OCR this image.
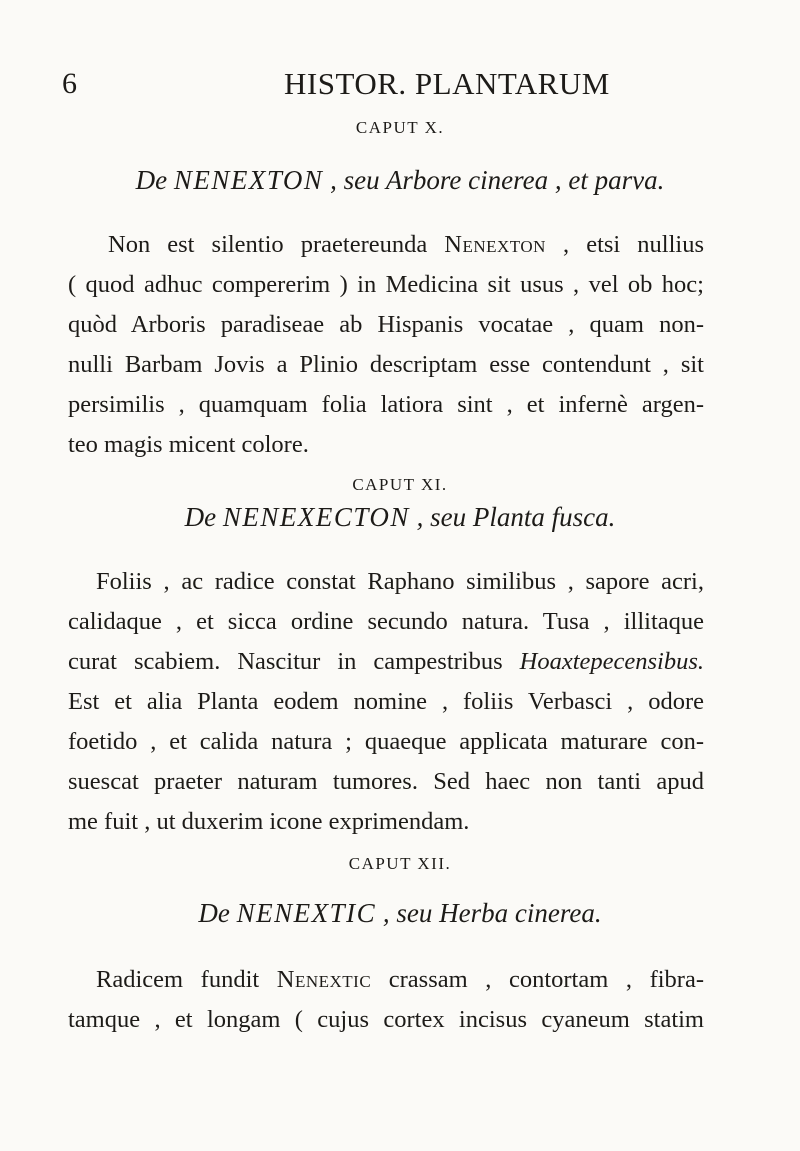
6	HISTOR. PLANTARUM
CAPUT X.
De NENEXTON , seu Arbore cinerea , et parva.
Non est silentio praetereunda Nenexton , etsi nullius
( quod adhuc compererim ) in Medicina sit usus , vel ob hoc;
quòd Arboris paradiseae ab Hispanis vocatae , quam non-
nulli Barbam Jovis a Plinio descriptam esse contendunt , sit
persimilis , quamquam folia latiora sint , et infernè argen-
teo magis micent colore.
CAPUT XI.
De NENEXECTON , seu Planta fusca.
Foliis , ac radice constat Raphano similibus , sapore acri,
calidaque , et sicca ordine secundo natura. Tusa , illitaque
curat scabiem. Nascitur in campestribus Hoaxtepecensibus.
Est et alia Planta eodem nomine , foliis Verbasci , odore
foetido , et calida natura ; quaeque applicata maturare con-
suescat praeter naturam tumores. Sed haec non tanti apud
me fuit , ut duxerim icone exprimendam.
CAPUT XII.
De NENEXTIC , seu Herba cinerea.
Radicem fundit Nenextic crassam , contortam , fibra-
tamque , et longam ( cujus cortex incisus cyaneum statim
